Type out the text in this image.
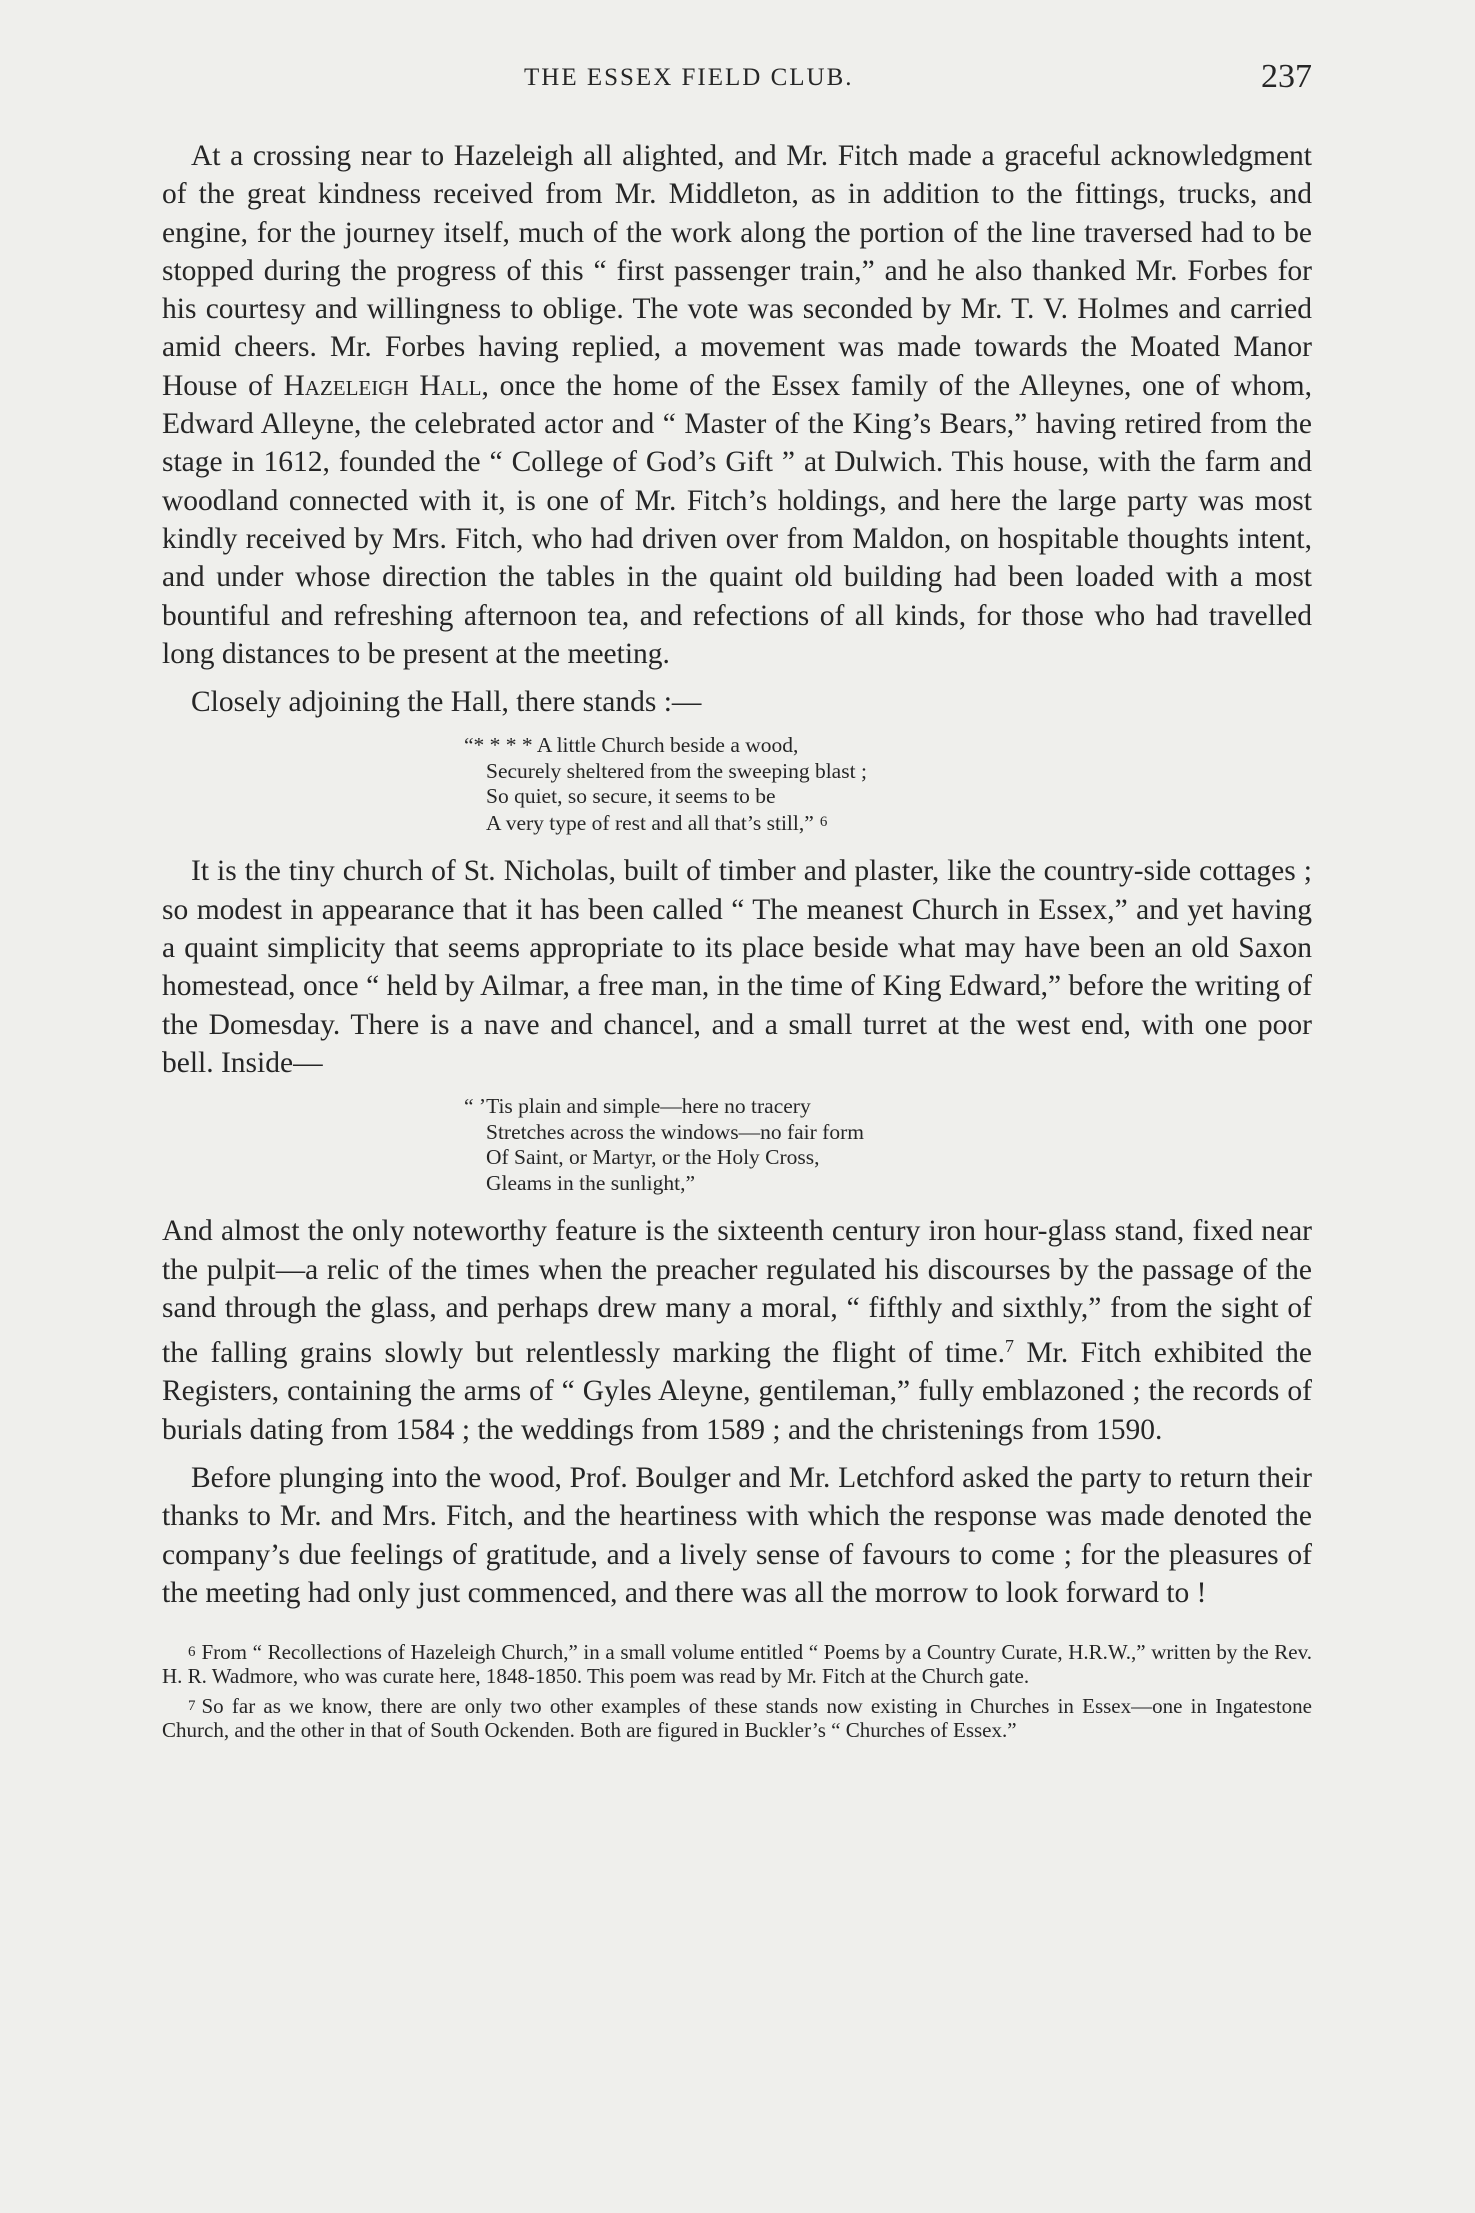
THE ESSEX FIELD CLUB.	237

At a crossing near to Hazeleigh all alighted, and Mr. Fitch made a graceful acknowledgment of the great kindness received from Mr. Middleton, as in addition to the fittings, trucks, and engine, for the journey itself, much of the work along the portion of the line traversed had to be stopped during the progress of this “ first passenger train,” and he also thanked Mr. Forbes for his courtesy and willingness to oblige. The vote was seconded by Mr. T. V. Holmes and carried amid cheers. Mr. Forbes having replied, a movement was made towards the Moated Manor House of Hazeleigh Hall, once the home of the Essex family of the Alleynes, one of whom, Edward Alleyne, the celebrated actor and “ Master of the King’s Bears,” having retired from the stage in 1612, founded the “ College of God’s Gift ” at Dulwich. This house, with the farm and woodland connected with it, is one of Mr. Fitch’s holdings, and here the large party was most kindly received by Mrs. Fitch, who had driven over from Maldon, on hospitable thoughts intent, and under whose direction the tables in the quaint old building had been loaded with a most bountiful and refreshing afternoon tea, and refections of all kinds, for those who had travelled long distances to be present at the meeting.

Closely adjoining the Hall, there stands :—

“* * * * A little Church beside a wood,
Securely sheltered from the sweeping blast ;
So quiet, so secure, it seems to be
A very type of rest and all that’s still,” 6

It is the tiny church of St. Nicholas, built of timber and plaster, like the country-side cottages ; so modest in appearance that it has been called “ The meanest Church in Essex,” and yet having a quaint simplicity that seems appropriate to its place beside what may have been an old Saxon homestead, once “ held by Ailmar, a free man, in the time of King Edward,” before the writing of the Domesday. There is a nave and chancel, and a small turret at the west end, with one poor bell. Inside—

“ ’Tis plain and simple—here no tracery
Stretches across the windows—no fair form
Of Saint, or Martyr, or the Holy Cross,
Gleams in the sunlight,”

And almost the only noteworthy feature is the sixteenth century iron hour-glass stand, fixed near the pulpit—a relic of the times when the preacher regulated his discourses by the passage of the sand through the glass, and perhaps drew many a moral, “ fifthly and sixthly,” from the sight of the falling grains slowly but relentlessly marking the flight of time.$^7$ Mr. Fitch exhibited the Registers, containing the arms of “ Gyles Aleyne, gentileman,” fully emblazoned ; the records of burials dating from 1584 ; the weddings from 1589 ; and the christenings from 1590.

Before plunging into the wood, Prof. Boulger and Mr. Letchford asked the party to return their thanks to Mr. and Mrs. Fitch, and the heartiness with which the response was made denoted the company’s due feelings of gratitude, and a lively sense of favours to come ; for the pleasures of the meeting had only just commenced, and there was all the morrow to look forward to !

6 From “ Recollections of Hazeleigh Church,” in a small volume entitled “ Poems by a Country Curate, H.R.W.,” written by the Rev. H. R. Wadmore, who was curate here, 1848-1850. This poem was read by Mr. Fitch at the Church gate.

7 So far as we know, there are only two other examples of these stands now existing in Churches in Essex—one in Ingatestone Church, and the other in that of South Ockenden. Both are figured in Buckler’s “ Churches of Essex.”
